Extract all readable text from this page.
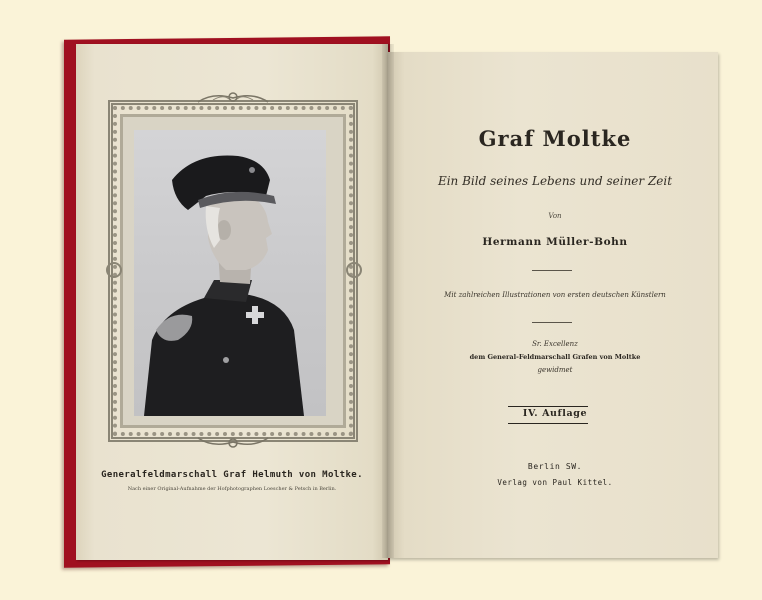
Generalfeldmarschall Graf Helmuth von Moltke.
Nach einer Original-Aufnahme der Hofphotographen Loescher & Petsch in Berlin.
Graf Moltke
Ein Bild seines Lebens und seiner Zeit
Von
Hermann Müller-Bohn
Mit zahlreichen Illustrationen von ersten deutschen Künstlern
Sr. Excellenz
dem General-Feldmarschall Grafen von Moltke
gewidmet
IV. Auflage
Berlin SW.
Verlag von Paul Kittel.
